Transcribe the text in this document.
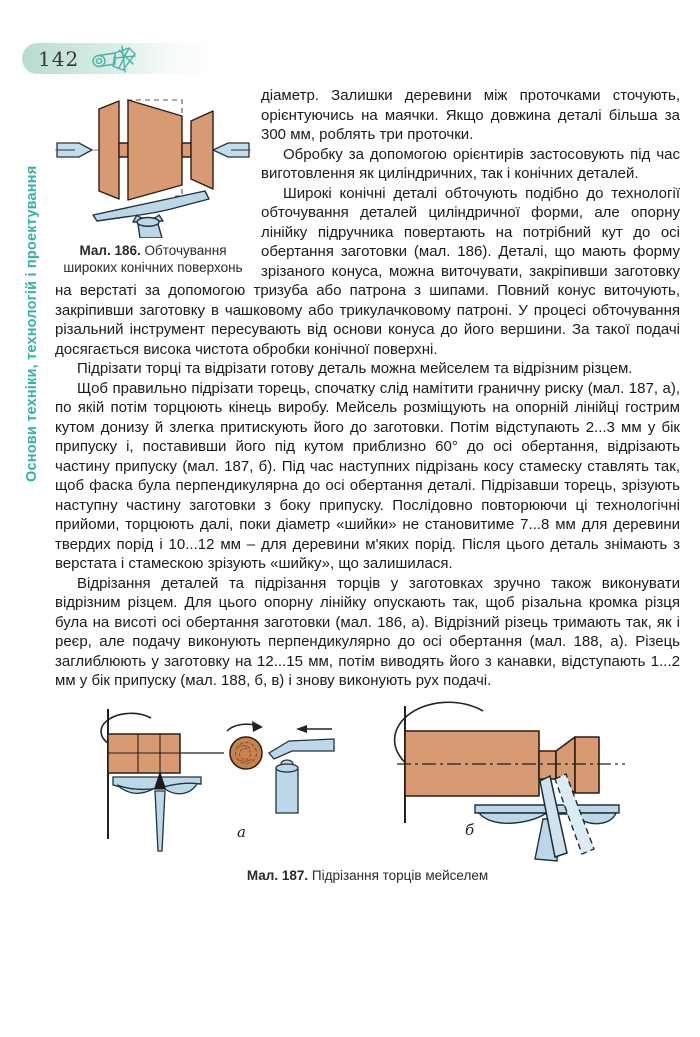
142
Основи техніки, технологій і проектування	Мал. 186. Обточування широких конічних поверхонь

діаметр. Залишки деревини між проточками сточують, орієнтуючись на маячки. Якщо довжина деталі більша за 300 мм, роблять три проточки.

Обробку за допомогою орієнтирів застосовують під час виготовлення як циліндричних, так і конічних деталей.

Широкі конічні деталі обточують подібно до технології обточування деталей циліндричної форми, але опорну лінійку підручника повертають на потрібний кут до осі обертання заготовки (мал. 186). Деталі, що мають форму зрізаного конуса, можна виточувати, закріпивши заготовку на верстаті за допомогою тризуба або патрона з шипами. Повний конус виточують, закріпивши заготовку в чашковому або трикулачковому патроні. У процесі обточування різальний інструмент пересувають від основи конуса до його вершини. За такої подачі досягається висока чистота обробки конічної поверхні.

Підрізати торці та відрізати готову деталь можна мейселем та відрізним різцем.

Щоб правильно підрізати торець, спочатку слід намітити граничну риску (мал. 187, а), по якій потім торцюють кінець виробу. Мейсель розміщують на опорній лінійці гострим кутом донизу й злегка притискують його до заготовки. Потім відступають 2...3 мм у бік припуску і, поставивши його під кутом приблизно 60° до осі обертання, відрізають частину припуску (мал. 187, б). Під час наступних підрізань косу стамеску ставлять так, щоб фаска була перпендикулярна до осі обертання деталі. Підрізавши торець, зрізують наступну частину заготовки з боку припуску. Послідовно повторюючи ці технологічні прийоми, торцюють далі, поки діаметр «шийки» не становитиме 7...8 мм для деревини твердих порід і 10...12 мм – для деревини м'яких порід. Після цього деталь знімають з верстата і стамескою зрізують «шийку», що залишилася.

Відрізання деталей та підрізання торців у заготовках зручно також виконувати відрізним різцем. Для цього опорну лінійку опускають так, щоб різальна кромка різця була на висоті осі обертання заготовки (мал. 186, а). Відрізний різець тримають так, як і реєр, але подачу виконують перпендикулярно до осі обертання (мал. 188, а). Різець заглиблюють у заготовку на 12...15 мм, потім виводять його з канавки, відступають 1...2 мм у бік припуску (мал. 188, б, в) і знову виконують рух подачі.

а	б
Мал. 187. Підрізання торців мейселем
